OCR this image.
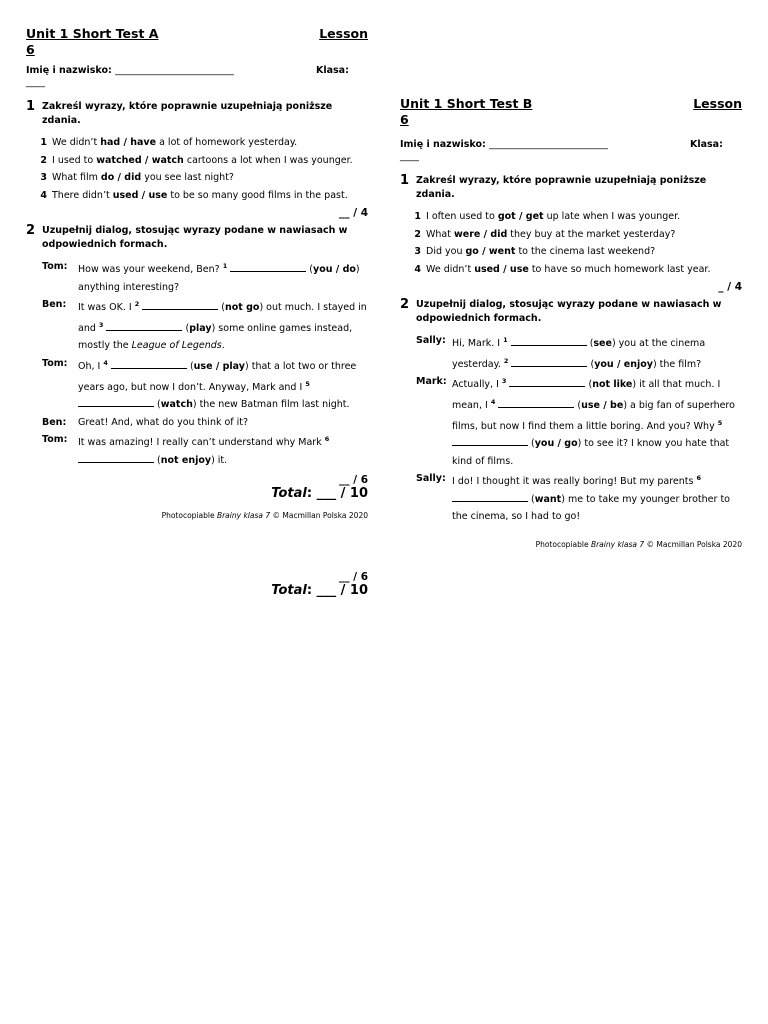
Unit 1 Short Test A	Lesson
6
Imię i nazwisko: _________________________	Klasa:
____
1 Zakreśl wyrazy, które poprawnie uzupełniają poniższe zdania.
1 We didn’t had / have a lot of homework yesterday.
2 I used to watched / watch cartoons a lot when I was younger.
3 What film do / did you see last night?
4 There didn’t used / use to be so many good films in the past.
__ / 4
2 Uzupełnij dialog, stosując wyrazy podane w nawiasach w odpowiednich formach.
Tom:	How was your weekend, Ben? $^1$	(you / do) anything interesting?
Ben:	It was OK. I $^2$	(not go) out much. I stayed in and $^3$	(play) some online games instead, mostly the League of Legends.
Tom:	Oh, I $^4$	(use / play) that a lot two or three years ago, but now I don’t. Anyway, Mark and I $^5$  (watch) the new Batman film last night.
Ben:	Great! And, what do you think of it?
Tom:	It was amazing! I really can’t understand why Mark $^6$  (not enjoy) it.
__ / 6
Total: ___ / 10
Photocopiable Brainy klasa 7 © Macmillan Polska 2020
Unit 1 Short Test B	Lesson
6
Imię i nazwisko: _________________________	Klasa:
____
1 Zakreśl wyrazy, które poprawnie uzupełniają poniższe zdania.
1 I often used to got / get up late when I was younger.
2 What were / did they buy at the market yesterday?
3 Did you go / went to the cinema last weekend?
4 We didn’t used / use to have so much homework last year.
_ / 4
2 Uzupełnij dialog, stosując wyrazy podane w nawiasach w odpowiednich formach.
Sally: Hi, Mark. I $^1$	(see) you at the cinema yesterday. $^2$	(you / enjoy) the film?
Mark: Actually, I $^3$	(not like) it all that much. I mean, I $^4$	(use / be) a big fan of superhero films, but now I find them a little boring. And you? Why $^5$  (you / go) to see it? I know you hate that kind of films.
Sally: I do! I thought it was really boring! But my parents $^6$  (want) me to take my younger brother to the cinema, so I had to go!
Photocopiable Brainy klasa 7 © Macmillan Polska 2020
__ / 6
Total: ___ / 10
